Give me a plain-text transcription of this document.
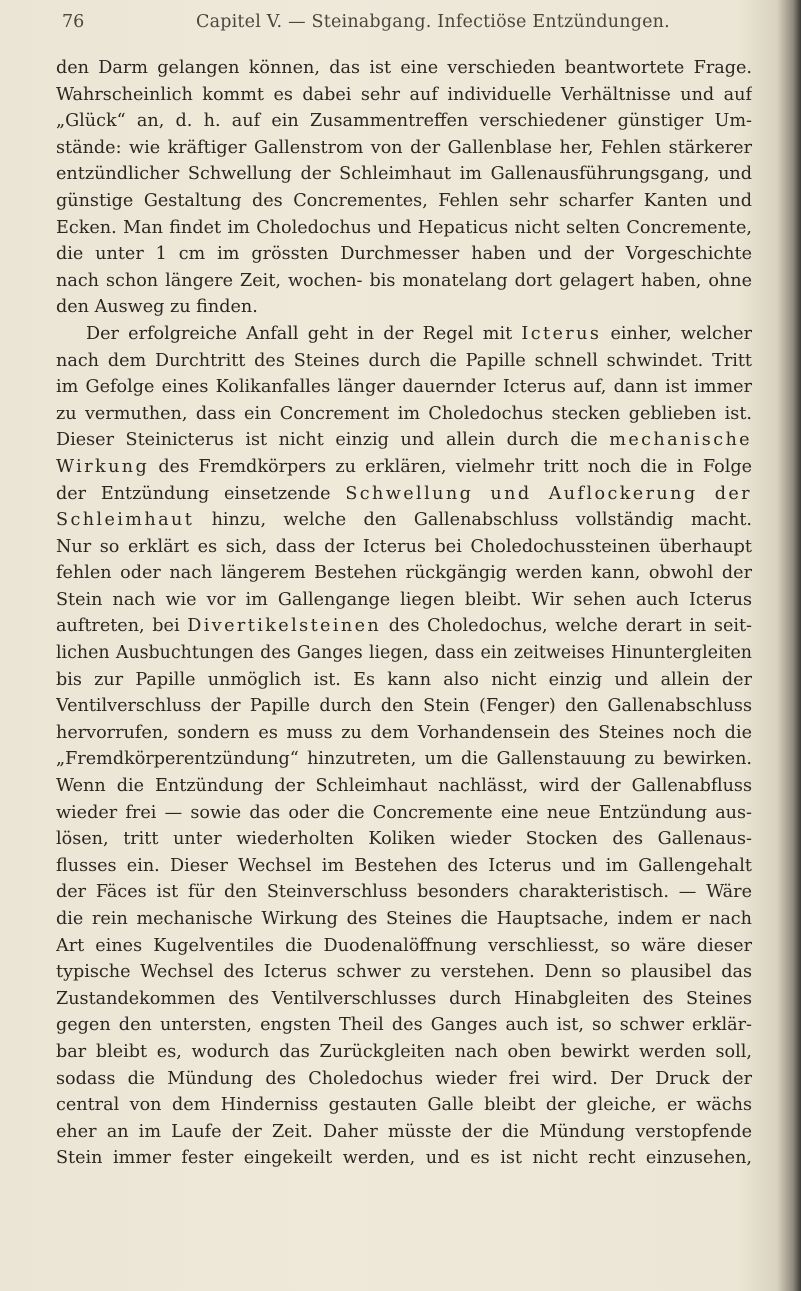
76	Capitel V. — Steinabgang. Infectiöse Entzündungen.
den Darm gelangen können, das ist eine verschieden beantwortete Frage.
Wahrscheinlich kommt es dabei sehr auf individuelle Verhältnisse und auf
„Glück“ an, d. h. auf ein Zusammentreffen verschiedener günstiger Um-
stände: wie kräftiger Gallenstrom von der Gallenblase her, Fehlen stärkerer
entzündlicher Schwellung der Schleimhaut im Gallenausführungsgang, und
günstige Gestaltung des Concrementes, Fehlen sehr scharfer Kanten und
Ecken. Man findet im Choledochus und Hepaticus nicht selten Concremente,
die unter 1 cm im grössten Durchmesser haben und der Vorgeschichte
nach schon längere Zeit, wochen- bis monatelang dort gelagert haben, ohne
den Ausweg zu finden.
Der erfolgreiche Anfall geht in der Regel mit Icterus einher, welcher
nach dem Durchtritt des Steines durch die Papille schnell schwindet. Tritt
im Gefolge eines Kolikanfalles länger dauernder Icterus auf, dann ist immer
zu vermuthen, dass ein Concrement im Choledochus stecken geblieben ist.
Dieser Steinicterus ist nicht einzig und allein durch die mechanische
Wirkung des Fremdkörpers zu erklären, vielmehr tritt noch die in Folge
der Entzündung einsetzende Schwellung und Auflockerung der
Schleimhaut hinzu, welche den Gallenabschluss vollständig macht.
Nur so erklärt es sich, dass der Icterus bei Choledochussteinen überhaupt
fehlen oder nach längerem Bestehen rückgängig werden kann, obwohl der
Stein nach wie vor im Gallengange liegen bleibt. Wir sehen auch Icterus
auftreten, bei Divertikelsteinen des Choledochus, welche derart in seit-
lichen Ausbuchtungen des Ganges liegen, dass ein zeitweises Hinuntergleiten
bis zur Papille unmöglich ist. Es kann also nicht einzig und allein der
Ventilverschluss der Papille durch den Stein (Fenger) den Gallenabschluss
hervorrufen, sondern es muss zu dem Vorhandensein des Steines noch die
„Fremdkörperentzündung“ hinzutreten, um die Gallenstauung zu bewirken.
Wenn die Entzündung der Schleimhaut nachlässt, wird der Gallenabfluss
wieder frei — sowie das oder die Concremente eine neue Entzündung aus-
lösen, tritt unter wiederholten Koliken wieder Stocken des Gallenaus-
flusses ein. Dieser Wechsel im Bestehen des Icterus und im Gallengehalt
der Fäces ist für den Steinverschluss besonders charakteristisch. — Wäre
die rein mechanische Wirkung des Steines die Hauptsache, indem er nach
Art eines Kugelventiles die Duodenalöffnung verschliesst, so wäre dieser
typische Wechsel des Icterus schwer zu verstehen. Denn so plausibel das
Zustandekommen des Ventilverschlusses durch Hinabgleiten des Steines
gegen den untersten, engsten Theil des Ganges auch ist, so schwer erklär-
bar bleibt es, wodurch das Zurückgleiten nach oben bewirkt werden soll,
sodass die Mündung des Choledochus wieder frei wird. Der Druck der
central von dem Hinderniss gestauten Galle bleibt der gleiche, er wächs
eher an im Laufe der Zeit. Daher müsste der die Mündung verstopfende
Stein immer fester eingekeilt werden, und es ist nicht recht einzusehen,
